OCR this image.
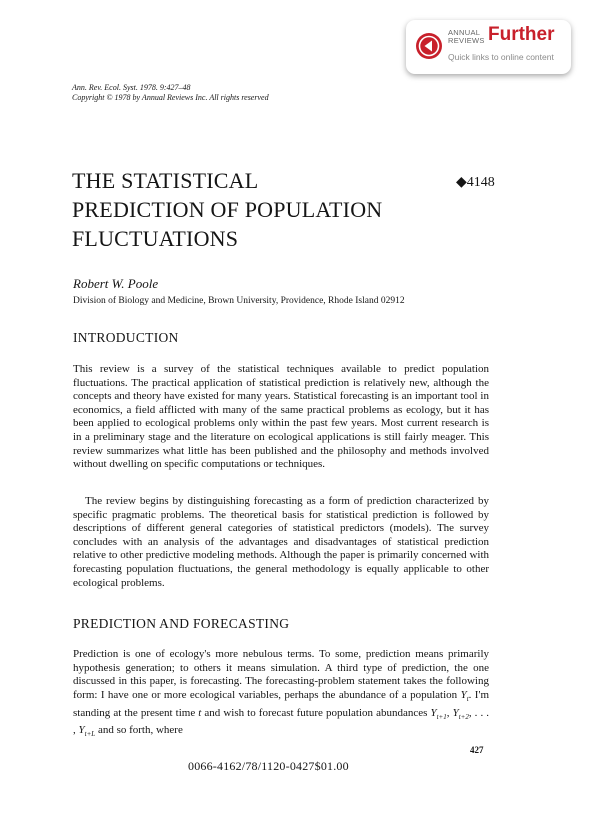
ANNUAL
REVIEWS Further
Quick links to online content
Ann. Rev. Ecol. Syst. 1978. 9:427–48
Copyright © 1978 by Annual Reviews Inc. All rights reserved
THE STATISTICAL
PREDICTION OF POPULATION
FLUCTUATIONS
◆4148
Robert W. Poole
Division of Biology and Medicine, Brown University, Providence, Rhode Island 02912
INTRODUCTION

This review is a survey of the statistical techniques available to predict population fluctuations. The practical application of statistical prediction is relatively new, although the concepts and theory have existed for many years. Statistical forecasting is an important tool in economics, a field afflicted with many of the same practical problems as ecology, but it has been applied to ecological problems only within the past few years. Most current research is in a preliminary stage and the literature on ecological applications is still fairly meager. This review summarizes what little has been published and the philosophy and methods involved without dwelling on specific computations or techniques.

The review begins by distinguishing forecasting as a form of prediction characterized by specific pragmatic problems. The theoretical basis for statistical prediction is followed by descriptions of different general categories of statistical predictors (models). The survey concludes with an analysis of the advantages and disadvantages of statistical prediction relative to other predictive modeling methods. Although the paper is primarily concerned with forecasting population fluctuations, the general methodology is equally applicable to other ecological problems.

PREDICTION AND FORECASTING

Prediction is one of ecology's more nebulous terms. To some, prediction means primarily hypothesis generation; to others it means simulation. A third type of prediction, the one discussed in this paper, is forecasting. The forecasting-problem statement takes the following form: I have one or more ecological variables, perhaps the abundance of a population $Y_t$. I'm standing at the present time t and wish to forecast future population abundances $Y_{t+1}$, $Y_{t+2}$, . . . , $Y_{t+L}$ and so forth, where

427
0066-4162/78/1120-0427$01.00
